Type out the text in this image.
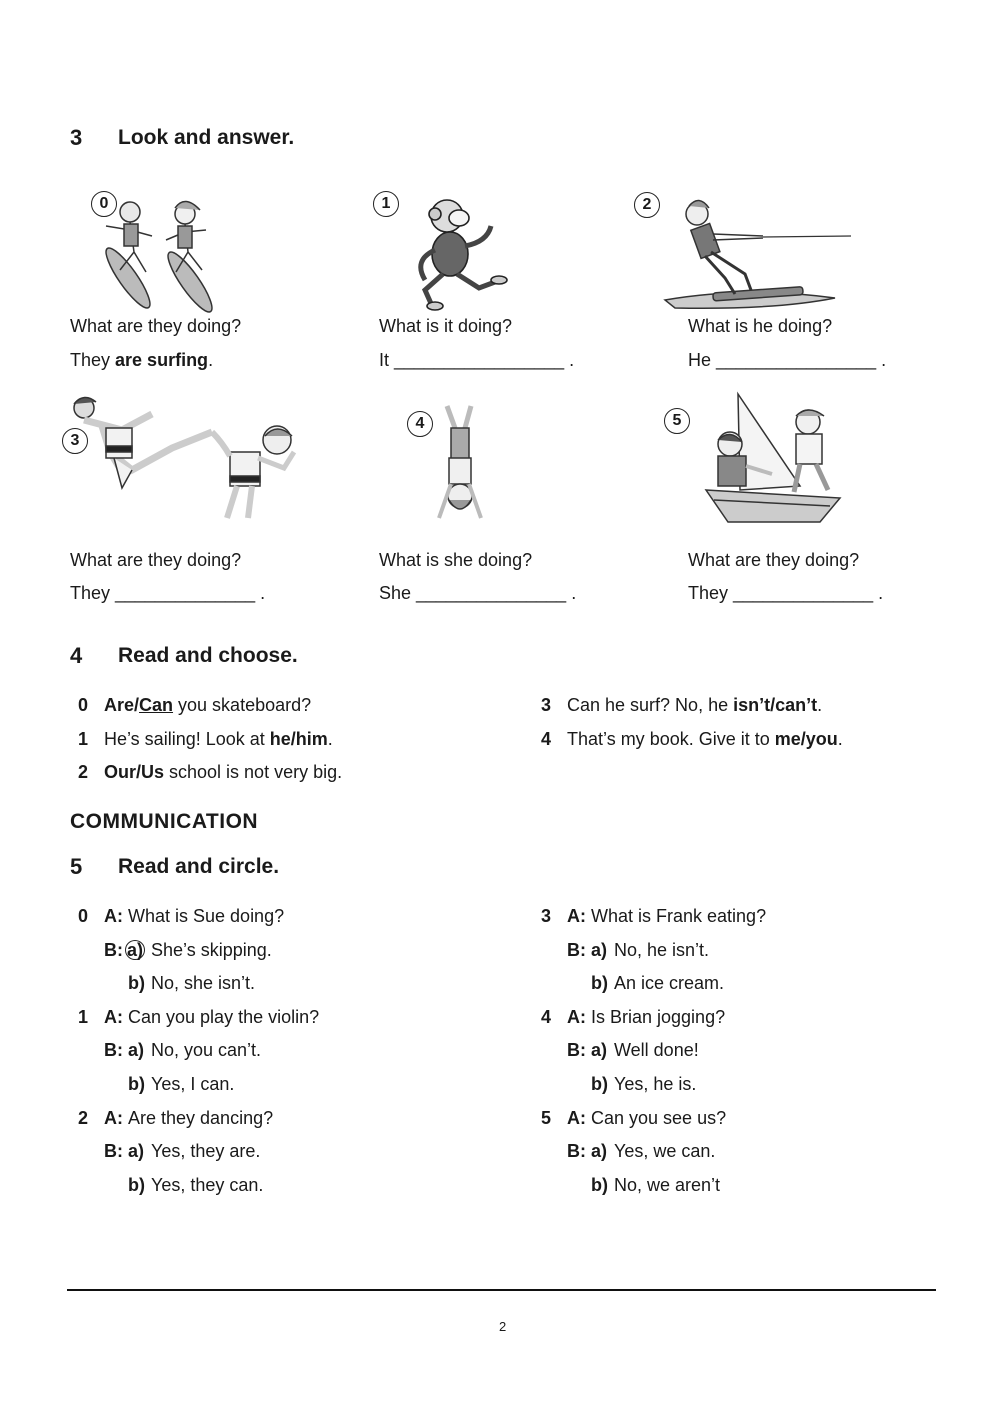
3 Look and answer.
0	1	2
What are they doing?
They are surfing.
What is it doing?
It _________________ .
What is he doing?
He ________________ .
3
4	5
What are they doing?
They ______________ .
What is she doing?
She _______________ .
What are they doing?
They ______________ .
4 Read and choose.
0 Are/Can you skateboard?
1 He’s sailing! Look at he/him.
2 Our/Us school is not very big.
3 Can he surf? No, he isn’t/can’t.
4 That’s my book. Give it to me/you.
COMMUNICATION
5 Read and circle.
0 A: What is Sue doing?
B: a) She’s skipping.
b) No, she isn’t.
1 A: Can you play the violin?
B: a) No, you can’t.
b) Yes, I can.
2 A: Are they dancing?
B: a) Yes, they are.
b) Yes, they can.
3 A: What is Frank eating?
B: a) No, he isn’t.
b) An ice cream.
4 A: Is Brian jogging?
B: a) Well done!
b) Yes, he is.
5 A: Can you see us?
B: a) Yes, we can.
b) No, we aren’t
2
